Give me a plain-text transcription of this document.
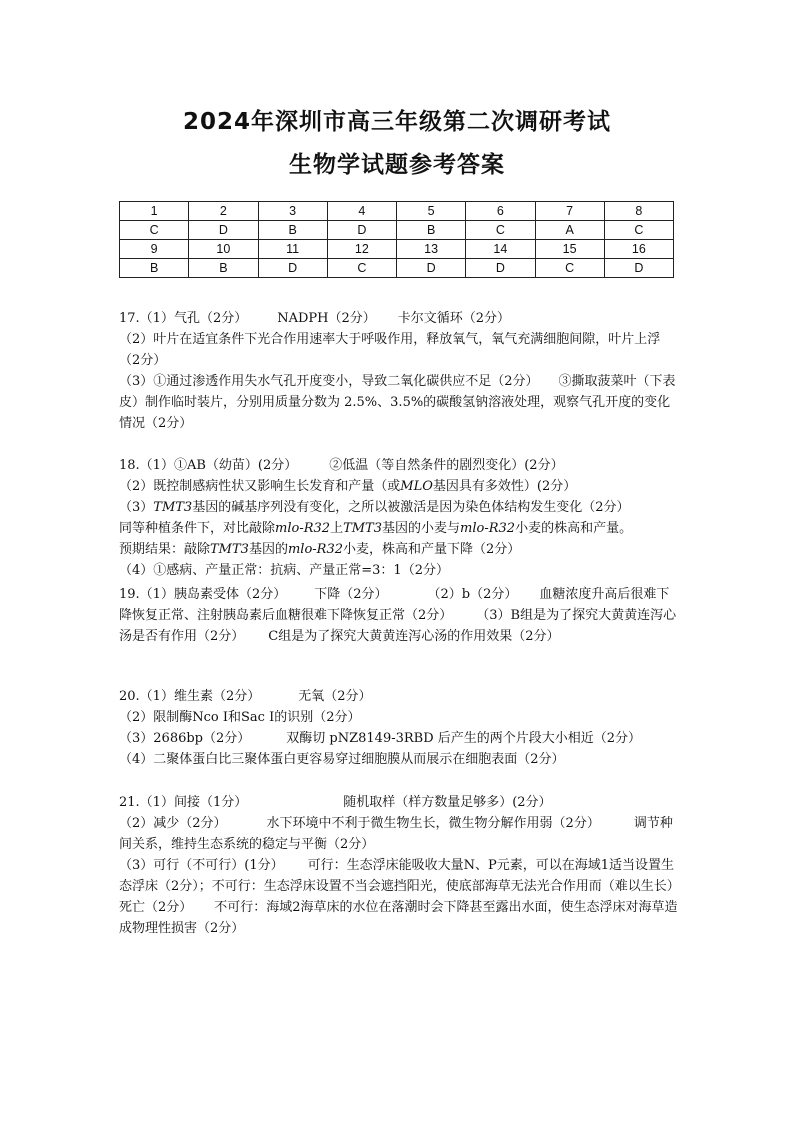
2024年深圳市高三年级第二次调研考试
生物学试题参考答案
1	2	3	4	5	6	7	8
C	D	B	D	B	C	A	C
9	10	11	12	13	14	15	16
B	B	D	C	D	D	C	D

17.（1）气孔（2分） NADPH（2分） 卡尔文循环（2分）

（2）叶片在适宜条件下光合作用速率大于呼吸作用，释放氧气，氧气充满细胞间隙，叶片上浮（2分）

（3）①通过渗透作用失水气孔开度变小，导致二氧化碳供应不足（2分） ③撕取菠菜叶（下表皮）制作临时装片，分别用质量分数为 2.5%、3.5%的碳酸氢钠溶液处理，观察气孔开度的变化情况（2分）

18.（1）①AB（幼苗）(2分） ②低温（等自然条件的剧烈变化）(2分）

（2）既控制感病性状又影响生长发育和产量（或MLO基因具有多效性）(2分）

（3）TMT3基因的碱基序列没有变化，之所以被激活是因为染色体结构发生变化（2分）

同等种植条件下，对比敲除mlo-R32上TMT3基因的小麦与mlo-R32小麦的株高和产量。

预期结果：敲除TMT3基因的mlo-R32小麦，株高和产量下降（2分）

（4）①感病、产量正常：抗病、产量正常=3：1（2分）

19.（1）胰岛素受体（2分） 下降（2分）	（2）b（2分） 血糖浓度升高后很难下降恢复正常、注射胰岛素后血糖很难下降恢复正常（2分） （3）B组是为了探究大黄黄连泻心汤是否有作用（2分） C组是为了探究大黄黄连泻心汤的作用效果（2分）

20.（1）维生素（2分）	无氧（2分）

（2）限制酶Nco Ⅰ和Sac Ⅰ的识别（2分）

（3）2686bp（2分）	双酶切 pNZ8149-3RBD 后产生的两个片段大小相近（2分）

（4）二聚体蛋白比三聚体蛋白更容易穿过细胞膜从而展示在细胞表面（2分）

21.（1）间接（1分）	随机取样（样方数量足够多）(2分）

（2）减少（2分）	水下环境中不利于微生物生长，微生物分解作用弱（2分）	调节种间关系，维持生态系统的稳定与平衡（2分）

（3）可行（不可行）(1分） 可行：生态浮床能吸收大量N、P元素，可以在海域1适当设置生态浮床（2分）；不可行：生态浮床设置不当会遮挡阳光，使底部海草无法光合作用而（难以生长）死亡（2分） 不可行：海域2海草床的水位在落潮时会下降甚至露出水面，使生态浮床对海草造成物理性损害（2分）
